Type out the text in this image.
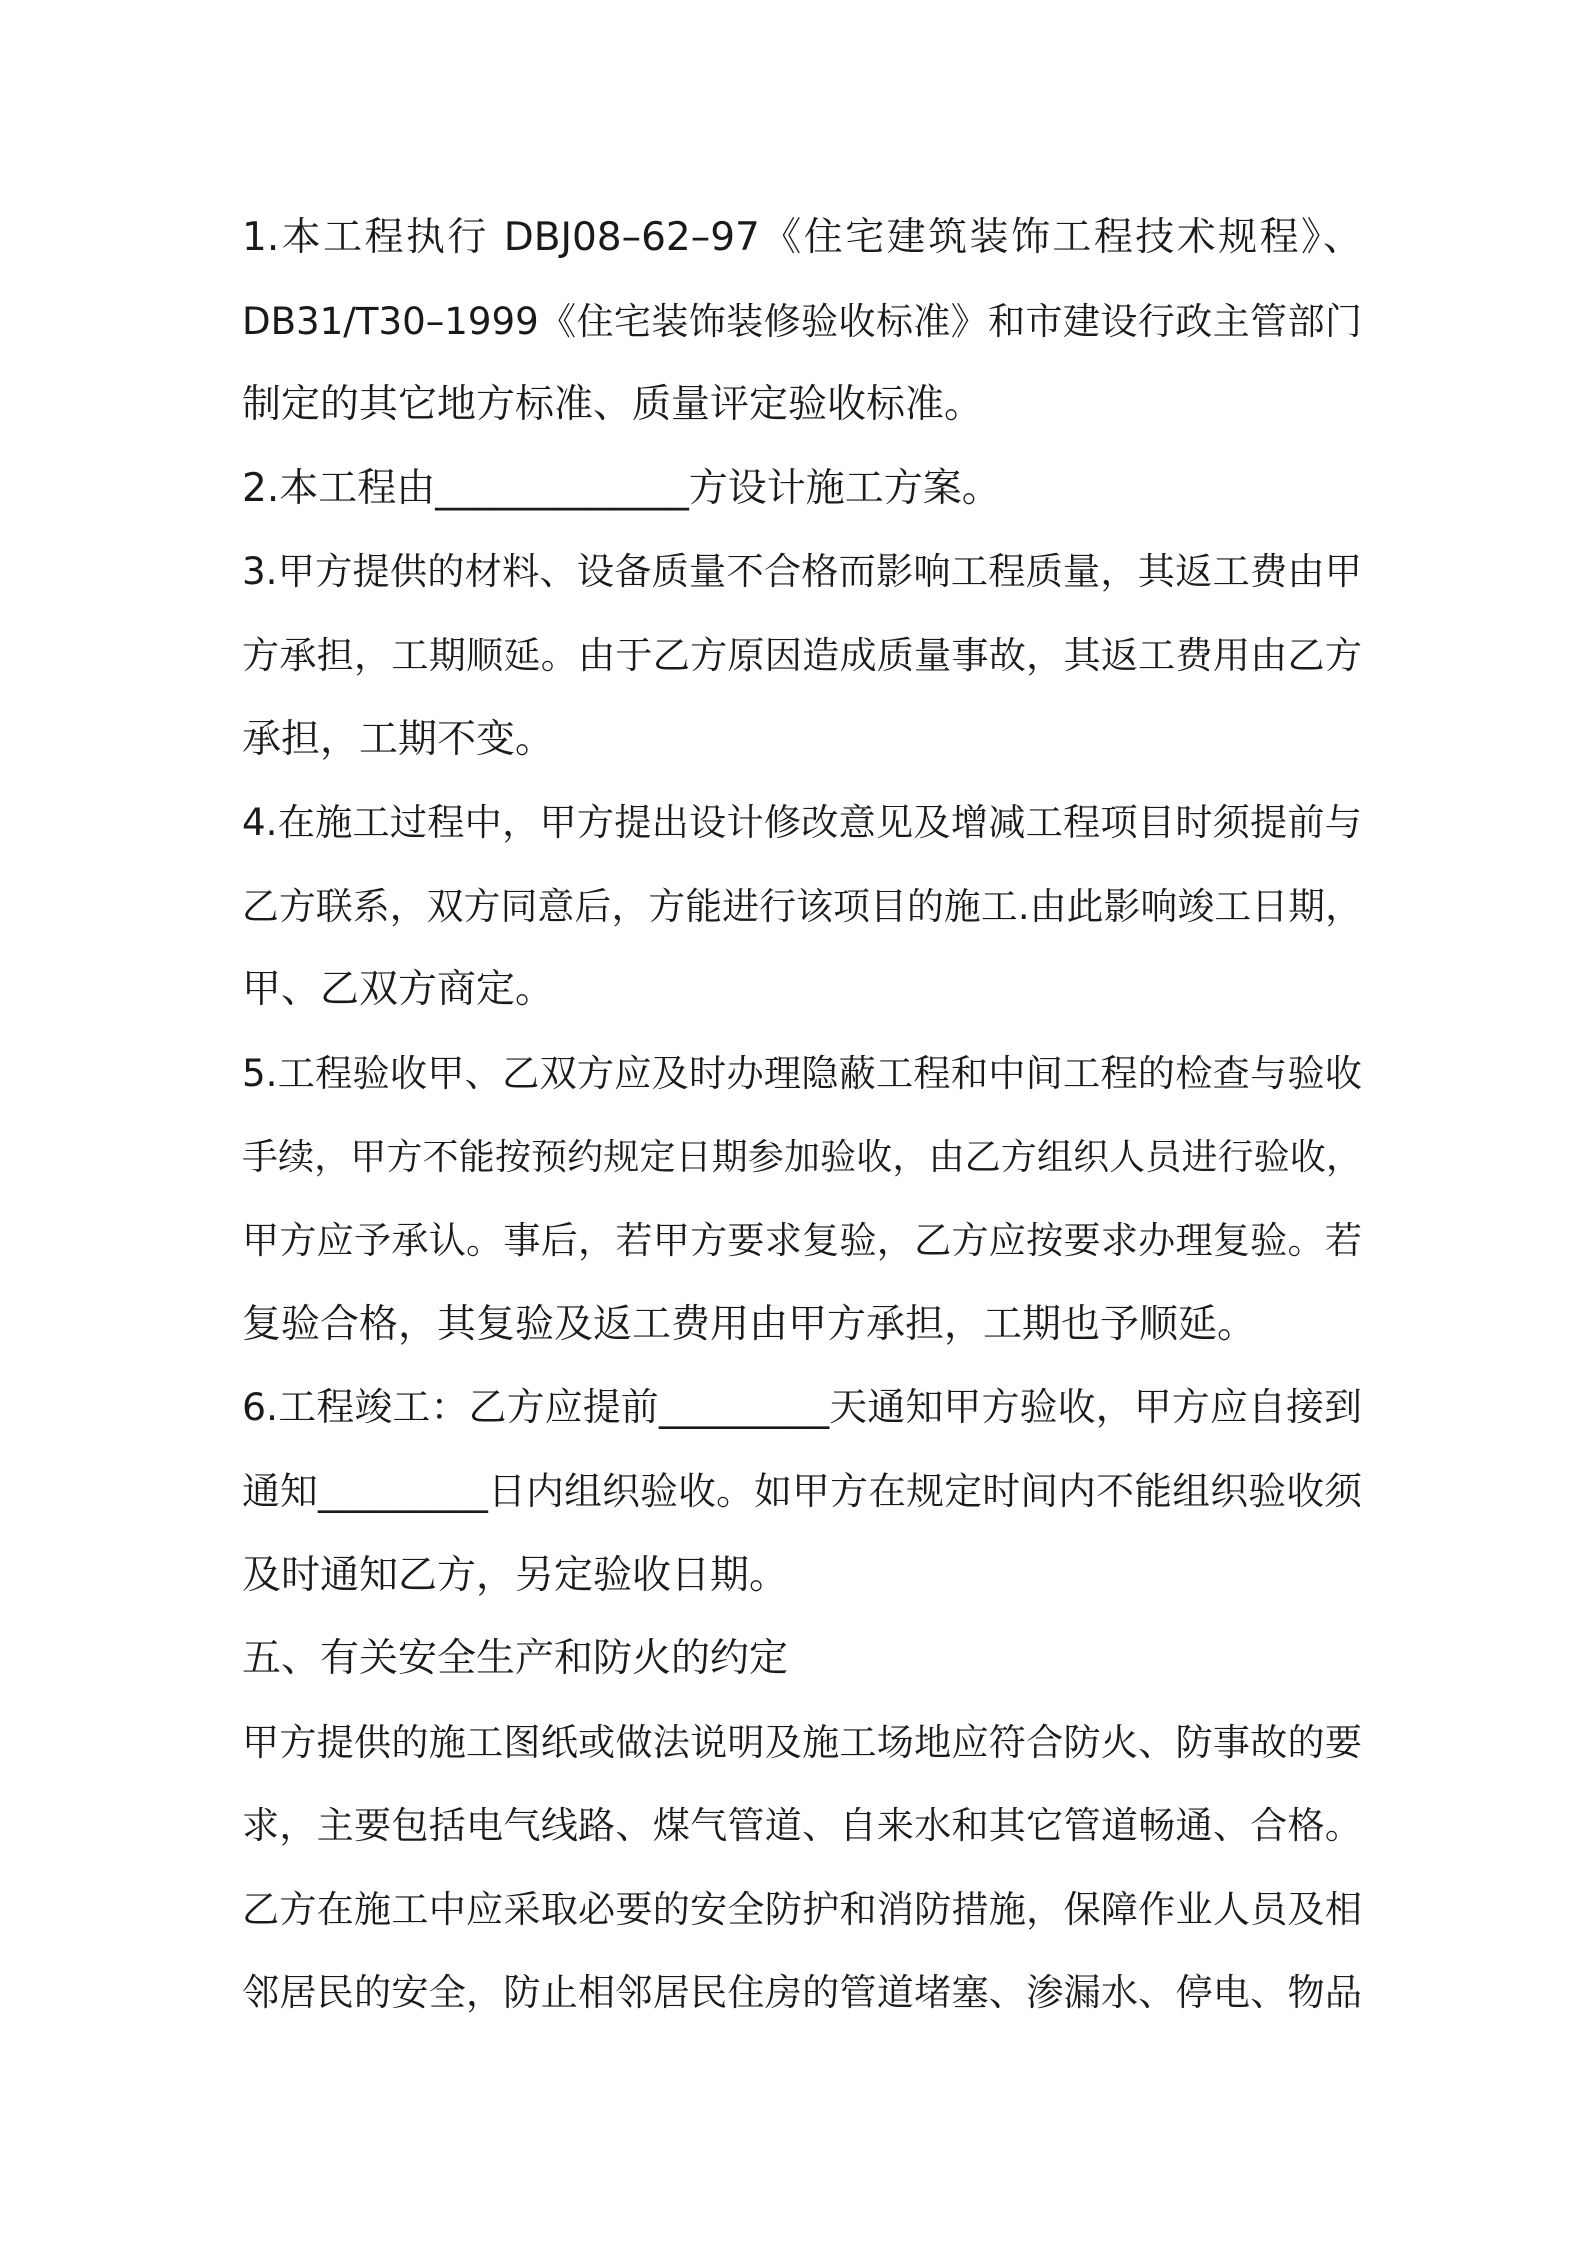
1.本工程执行 DBJ08–62–97《住宅建筑装饰工程技术规程》、
DB31/T30–1999《住宅装饰装修验收标准》和市建设行政主管部门
制定的其它地方标准、质量评定验收标准。
2.本工程由_____________方设计施工方案。
3.甲方提供的材料、设备质量不合格而影响工程质量，其返工费由甲
方承担，工期顺延。由于乙方原因造成质量事故，其返工费用由乙方
承担，工期不变。
4.在施工过程中，甲方提出设计修改意见及增减工程项目时须提前与
乙方联系，双方同意后，方能进行该项目的施工.由此影响竣工日期，
甲、乙双方商定。
5.工程验收甲、乙双方应及时办理隐蔽工程和中间工程的检查与验收
手续，甲方不能按预约规定日期参加验收，由乙方组织人员进行验收，
甲方应予承认。事后，若甲方要求复验，乙方应按要求办理复验。若
复验合格，其复验及返工费用由甲方承担，工期也予顺延。
6.工程竣工：乙方应提前_________天通知甲方验收，甲方应自接到
通知_________日内组织验收。如甲方在规定时间内不能组织验收须
及时通知乙方，另定验收日期。
五、有关安全生产和防火的约定
甲方提供的施工图纸或做法说明及施工场地应符合防火、防事故的要
求，主要包括电气线路、煤气管道、自来水和其它管道畅通、合格。
乙方在施工中应采取必要的安全防护和消防措施，保障作业人员及相
邻居民的安全，防止相邻居民住房的管道堵塞、渗漏水、停电、物品
